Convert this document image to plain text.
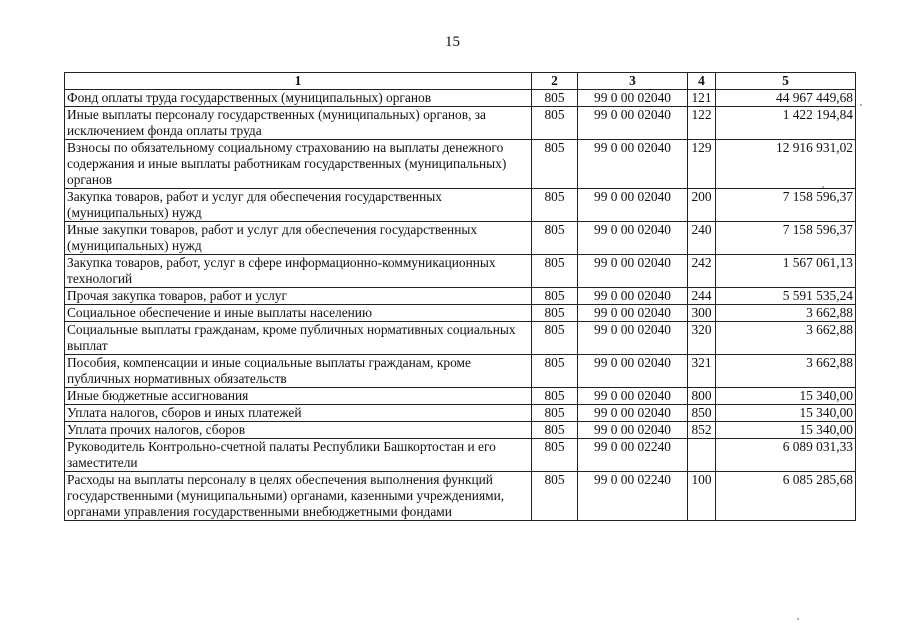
15
1	2	3	4	5
Фонд оплаты труда государственных (муниципальных) органов	805	99 0 00 02040	121	44 967 449,68
Иные выплаты персоналу государственных (муниципальных) органов, за исключением фонда оплаты труда	805	99 0 00 02040	122	1 422 194,84
Взносы по обязательному социальному страхованию на выплаты денежного содержания и иные выплаты работникам государственных (муниципальных) органов	805	99 0 00 02040	129	12 916 931,02
Закупка товаров, работ и услуг для обеспечения государственных (муниципальных) нужд	805	99 0 00 02040	200	7 158 596,37
Иные закупки товаров, работ и услуг для обеспечения государственных (муниципальных) нужд	805	99 0 00 02040	240	7 158 596,37
Закупка товаров, работ, услуг в сфере информационно-коммуникационных технологий	805	99 0 00 02040	242	1 567 061,13
Прочая закупка товаров, работ и услуг	805	99 0 00 02040	244	5 591 535,24
Социальное обеспечение и иные выплаты населению	805	99 0 00 02040	300	3 662,88
Социальные выплаты гражданам, кроме публичных нормативных социальных выплат	805	99 0 00 02040	320	3 662,88
Пособия, компенсации и иные социальные выплаты гражданам, кроме публичных нормативных обязательств	805	99 0 00 02040	321	3 662,88
Иные бюджетные ассигнования	805	99 0 00 02040	800	15 340,00
Уплата налогов, сборов и иных платежей	805	99 0 00 02040	850	15 340,00
Уплата прочих налогов, сборов	805	99 0 00 02040	852	15 340,00
Руководитель Контрольно-счетной палаты Республики Башкортостан и его заместители	805	99 0 00 02240		6 089 031,33
Расходы на выплаты персоналу в целях обеспечения выполнения функций государственными (муниципальными) органами, казенными учреждениями, органами управления государственными внебюджетными фондами	805	99 0 00 02240	100	6 085 285,68
